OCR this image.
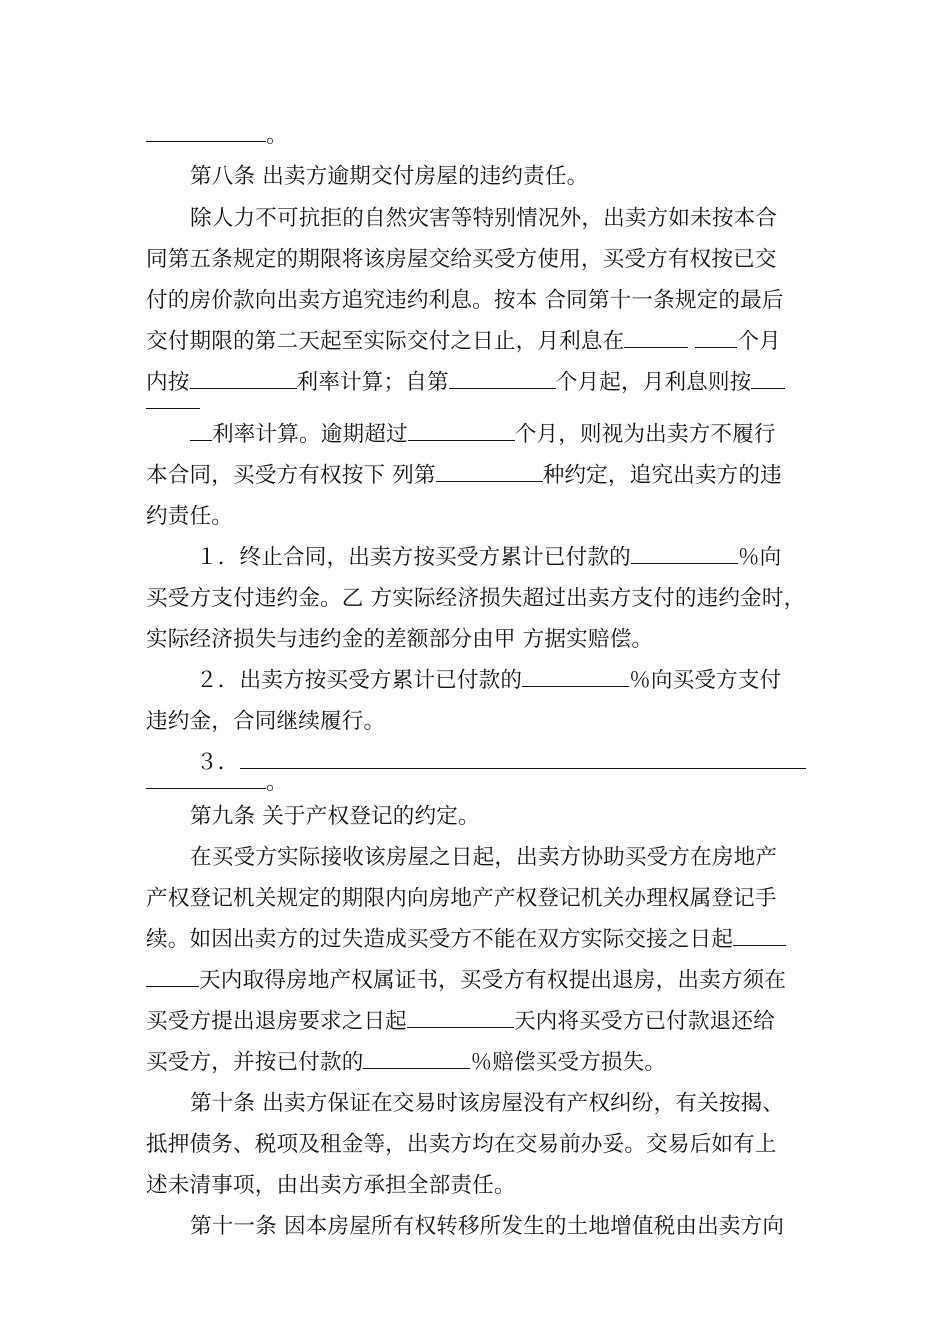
。

第八条 出卖方逾期交付房屋的违约责任。

除人力不可抗拒的自然灾害等特别情况外，出卖方如未按本合

同第五条规定的期限将该房屋交给买受方使用，买受方有权按已交

付的房价款向出卖方追究违约利息。按本 合同第十一条规定的最后

交付期限的第二天起至实际交付之日止，月利息在	个月

内按	利率计算；自第	个月起，月利息则按

利率计算。逾期超过	个月，则视为出卖方不履行

本合同，买受方有权按下 列第	种约定，追究出卖方的违

约责任。

１．终止合同，出卖方按买受方累计已付款的	％向

买受方支付违约金。乙 方实际经济损失超过出卖方支付的违约金时，

实际经济损失与违约金的差额部分由甲 方据实赔偿。

２．出卖方按买受方累计已付款的	％向买受方支付

违约金，合同继续履行。

３．

。

第九条 关于产权登记的约定。

在买受方实际接收该房屋之日起，出卖方协助买受方在房地产

产权登记机关规定的期限内向房地产产权登记机关办理权属登记手

续。如因出卖方的过失造成买受方不能在双方实际交接之日起

天内取得房地产权属证书，买受方有权提出退房，出卖方须在

买受方提出退房要求之日起	天内将买受方已付款退还给

买受方，并按已付款的	％赔偿买受方损失。

第十条 出卖方保证在交易时该房屋没有产权纠纷，有关按揭、

抵押债务、税项及租金等，出卖方均在交易前办妥。交易后如有上

述未清事项，由出卖方承担全部责任。

第十一条 因本房屋所有权转移所发生的土地增值税由出卖方向
